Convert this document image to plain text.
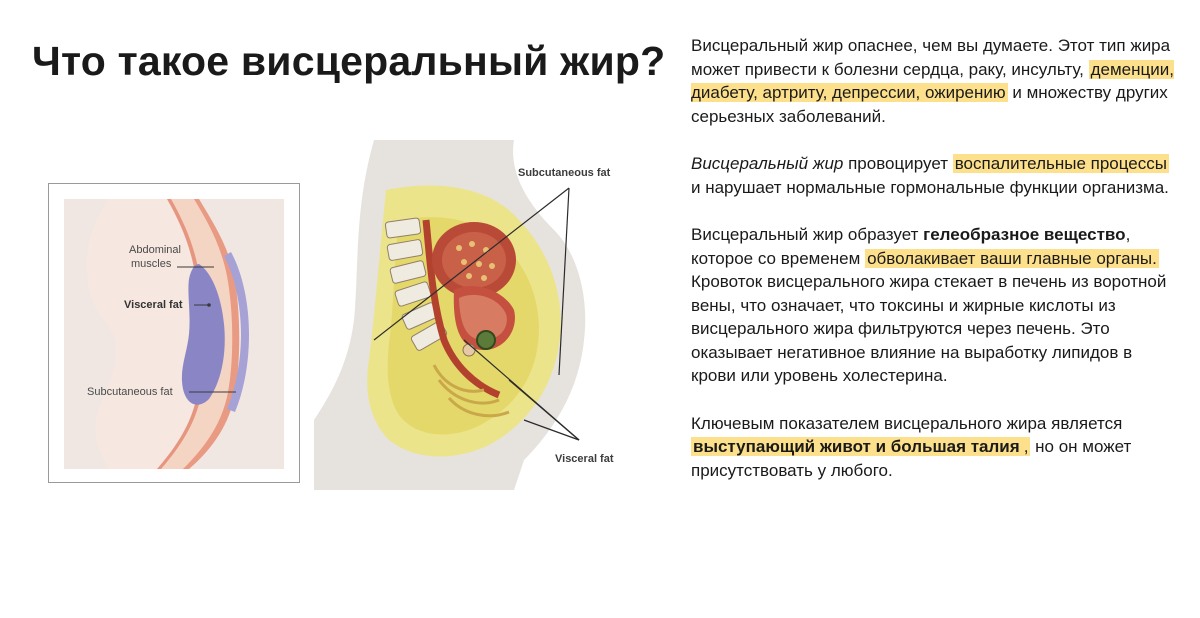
Что такое висцеральный жир?
Abdominal
muscles
Visceral fat
Subcutaneous fat
Subcutaneous fat
Visceral fat

Висцеральный жир опаснее, чем вы думаете. Этот тип жира может привести к болезни сердца, раку, инсульту, деменции, диабету, артриту, депрессии, ожирению и множеству других серьезных заболеваний.

Висцеральный жир провоцирует воспалительные процессы и нарушает нормальные гормональные функции организма.

Висцеральный жир образует гелеобразное вещество, которое со временем обволакивает ваши главные органы. Кровоток висцерального жира стекает в печень из воротной вены, что означает, что токсины и жирные кислоты из висцерального жира фильтруются через печень. Это оказывает негативное влияние на выработку липидов в крови или уровень холестерина.

Ключевым показателем висцерального жира является выступающий живот и большая талия , но он может присутствовать у любого.
